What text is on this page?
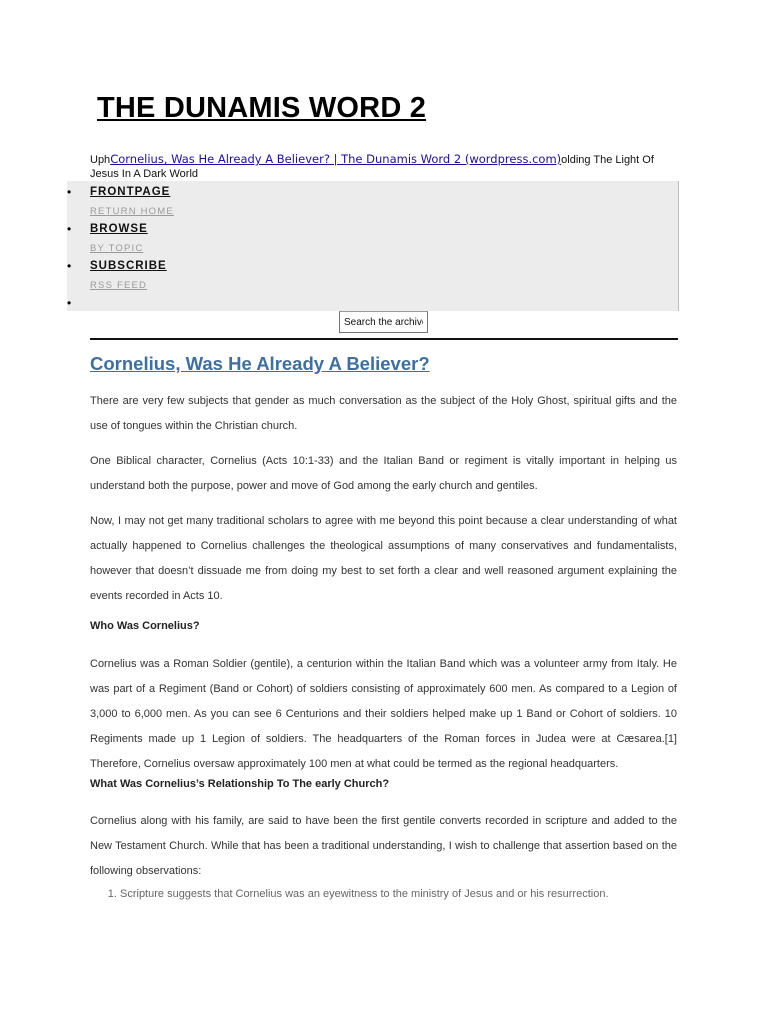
THE DUNAMIS WORD 2
UphCornelius, Was He Already A Believer? | The Dunamis Word 2 (wordpress.com)olding The Light Of Jesus In A Dark World
• FRONTPAGE
RETURN HOME
• BROWSE
BY TOPIC
• SUBSCRIBE
RSS FEED
•
Search the archives
Cornelius, Was He Already A Believer?

There are very few subjects that gender as much conversation as the subject of the Holy Ghost, spiritual gifts and the use of tongues within the Christian church.

One Biblical character, Cornelius (Acts 10:1-33) and the Italian Band or regiment is vitally important in helping us understand both the purpose, power and move of God among the early church and gentiles.

Now, I may not get many traditional scholars to agree with me beyond this point because a clear understanding of what actually happened to Cornelius challenges the theological assumptions of many conservatives and fundamentalists, however that doesn’t dissuade me from doing my best to set forth a clear and well reasoned argument explaining the events recorded in Acts 10.

Who Was Cornelius?

Cornelius was a Roman Soldier (gentile), a centurion within the Italian Band which was a volunteer army from Italy. He was part of a Regiment (Band or Cohort) of soldiers consisting of approximately 600 men. As compared to a Legion of 3,000 to 6,000 men. As you can see 6 Centurions and their soldiers helped make up 1 Band or Cohort of soldiers. 10 Regiments made up 1 Legion of soldiers. The headquarters of the Roman forces in Judea were at Cæsarea.[1] Therefore, Cornelius oversaw approximately 100 men at what could be termed as the regional headquarters.

What Was Cornelius’s Relationship To The early Church?

Cornelius along with his family, are said to have been the first gentile converts recorded in scripture and added to the New Testament Church. While that has been a traditional understanding, I wish to challenge that assertion based on the following observations:

1. Scripture suggests that Cornelius was an eyewitness to the ministry of Jesus and or his resurrection.
